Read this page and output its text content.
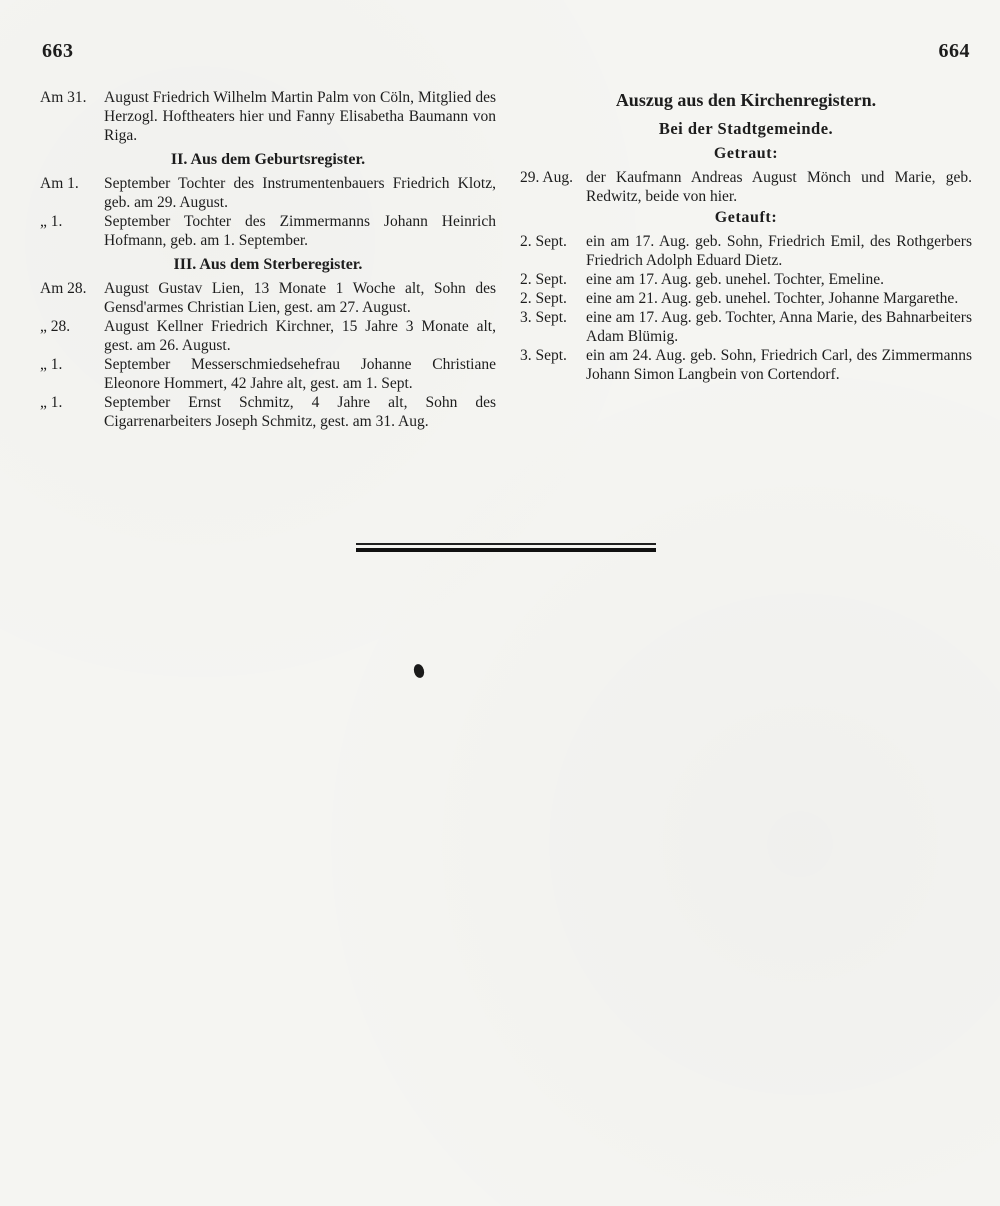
663	664
Am 31.	August Friedrich Wilhelm Martin Palm von Cöln, Mitglied des Herzogl. Hoftheaters hier und Fanny Elisabetha Baumann von Riga.
II. Aus dem Geburtsregister.
Am 1.	September Tochter des Instrumentenbauers Friedrich Klotz, geb. am 29. August.
„ 1.	September Tochter des Zimmermanns Johann Heinrich Hofmann, geb. am 1. September.
III. Aus dem Sterberegister.
Am 28.	August Gustav Lien, 13 Monate 1 Woche alt, Sohn des Gensd'armes Christian Lien, gest. am 27. August.
„ 28.	August Kellner Friedrich Kirchner, 15 Jahre 3 Monate alt, gest. am 26. August.
„ 1.	September Messerschmiedsehefrau Johanne Christiane Eleonore Hommert, 42 Jahre alt, gest. am 1. Sept.
„ 1.	September Ernst Schmitz, 4 Jahre alt, Sohn des Cigarrenarbeiters Joseph Schmitz, gest. am 31. Aug.
Auszug aus den Kirchenregistern.
Bei der Stadtgemeinde.
Getraut:
29. Aug. der Kaufmann Andreas August Mönch und Marie, geb. Redwitz, beide von hier.
Getauft:
2. Sept.	ein am 17. Aug. geb. Sohn, Friedrich Emil, des Rothgerbers Friedrich Adolph Eduard Dietz.
2. Sept.	eine am 17. Aug. geb. unehel. Tochter, Emeline.
2. Sept.	eine am 21. Aug. geb. unehel. Tochter, Johanne Margarethe.
3. Sept.	eine am 17. Aug. geb. Tochter, Anna Marie, des Bahnarbeiters Adam Blümig.
3. Sept.	ein am 24. Aug. geb. Sohn, Friedrich Carl, des Zimmermanns Johann Simon Langbein von Cortendorf.
